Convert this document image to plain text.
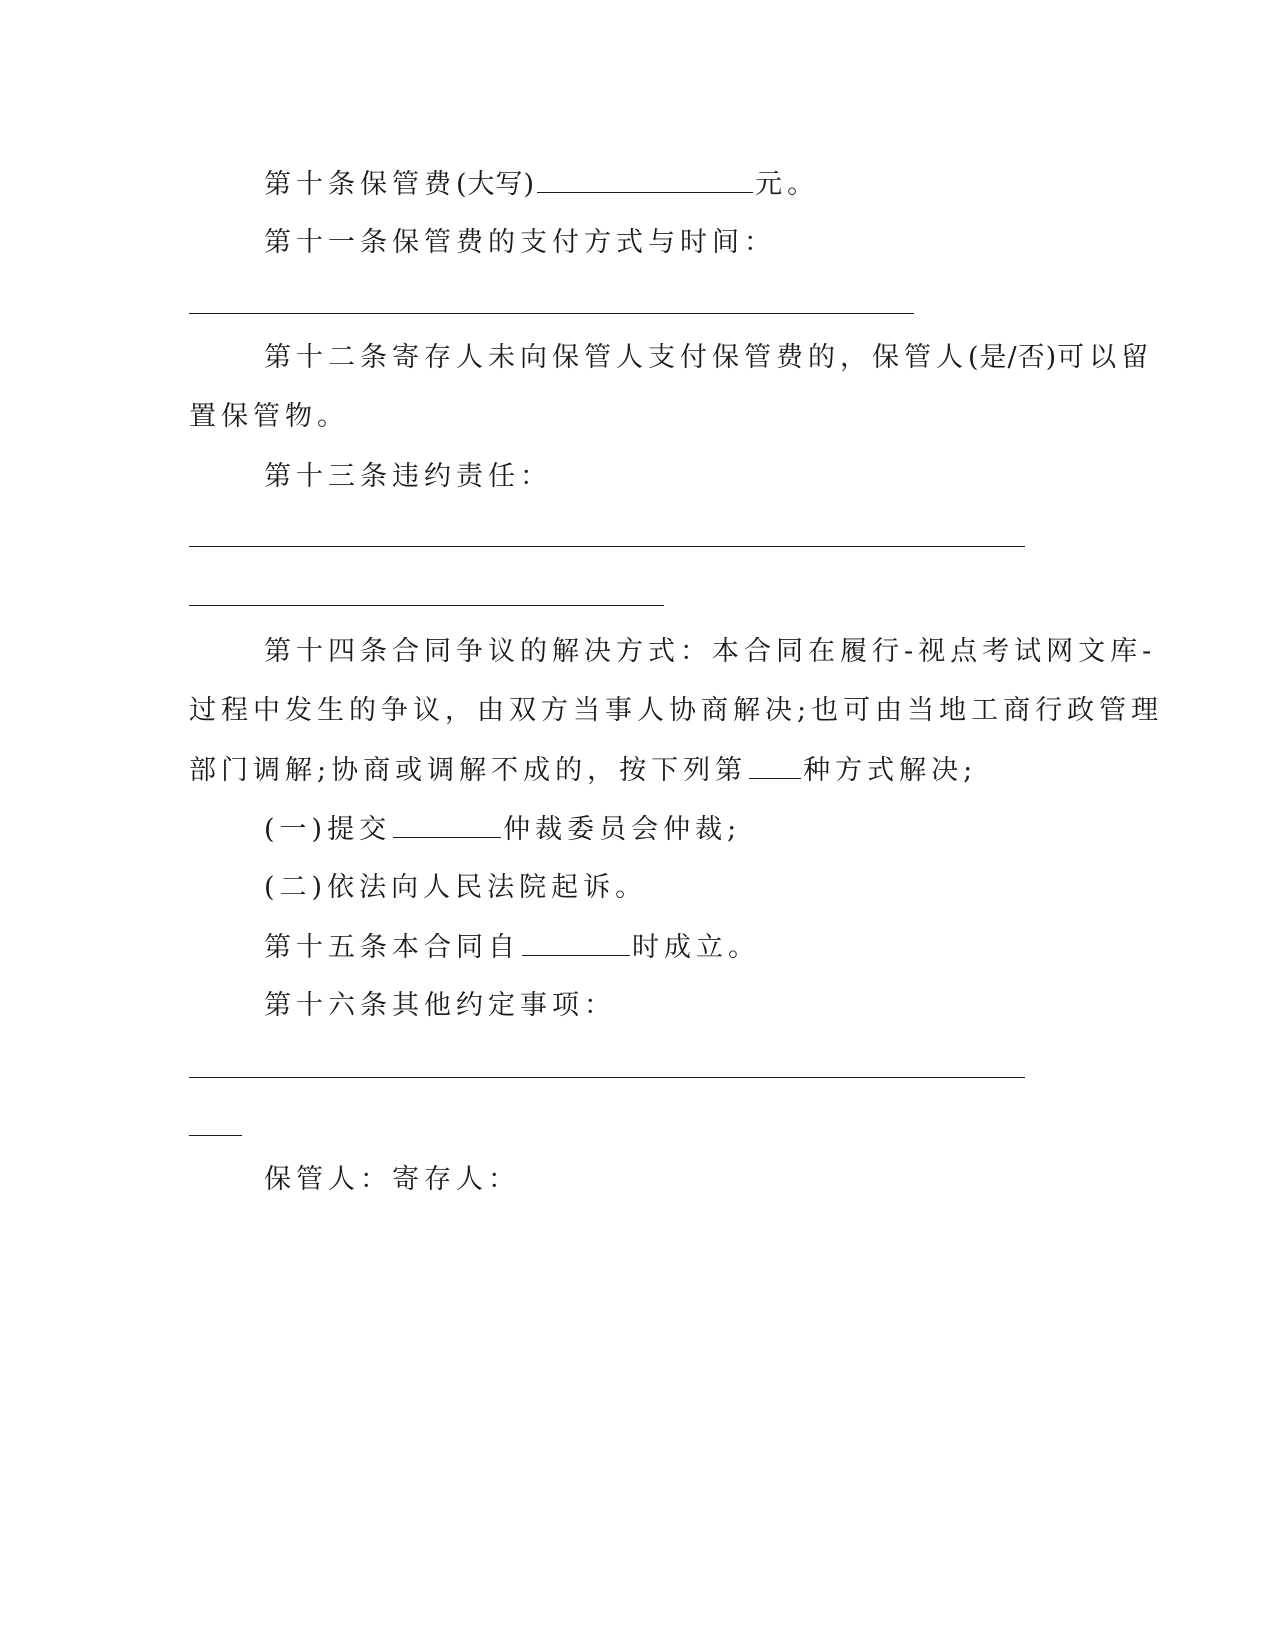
第十条保管费(大写)	元。
第十一条保管费的支付方式与时间：
第十二条寄存人未向保管人支付保管费的，保管人(是/否)可以留
置保管物。
第十三条违约责任：
第十四条合同争议的解决方式：本合同在履行-视点考试网文库-
过程中发生的争议，由双方当事人协商解决;也可由当地工商行政管理
部门调解;协商或调解不成的，按下列第 种方式解决;
(一)提交	仲裁委员会仲裁;
(二)依法向人民法院起诉。
第十五条本合同自	时成立。
第十六条其他约定事项：
保管人：寄存人：
